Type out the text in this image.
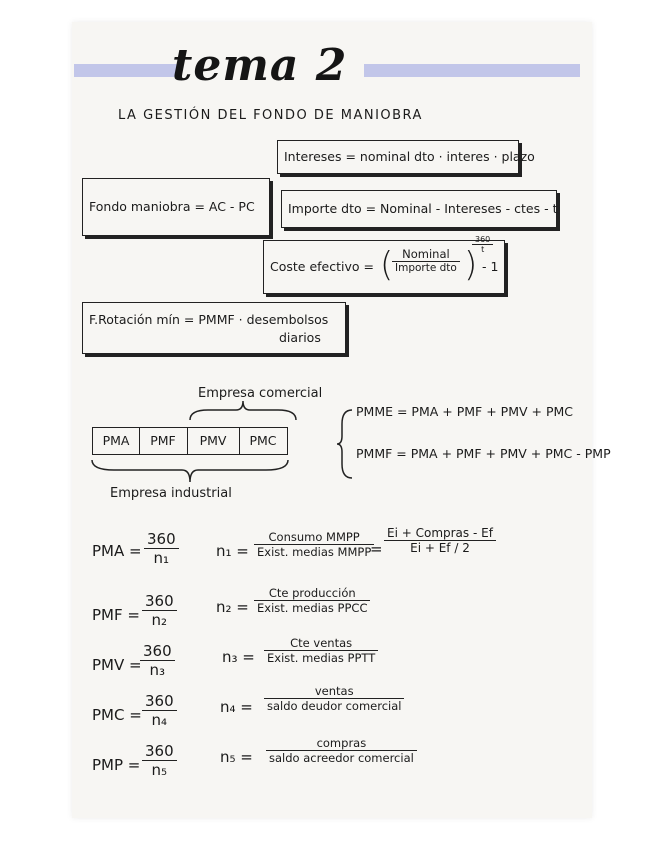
tema 2
LA GESTIÓN DEL FONDO DE MANIOBRA
Intereses = nominal dto · interes · plazo
Fondo maniobra = AC - PC	Importe dto = Nominal - Intereses - ctes - t
Coste efectivo = ( Nominal
Importe dto )
$\frac{360}{t}$
- 1
F.Rotación mín = PMMF · desembolsos
diarios
Empresa comercial
PMA	PMF	PMV	PMC
Empresa industrial
PMME = PMA + PMF + PMV + PMC
PMMF = PMA + PMF + PMV + PMC - PMP
PMA = $\frac{360}{\text{n₁}} n_1$ =
Consumo MMPP
Exist. medias MMPP
=
Ei + Compras - Ef
Ei + Ef / 2
PMF = $\frac{360}{\text{n₂}}$	n₂ =
Cte producción
Exist. medias PPCC
PMV =
$\frac{360}{\text{n₃}}$	n₃ =
Cte ventas
Exist. medias PPTT
PMC = $\frac{360}{\text{n₄}}$	n₄ =
ventas
saldo deudor comercial
PMP = $\frac{360}{\text{n₅}}$	n₅ =
compras
saldo acreedor comercial
